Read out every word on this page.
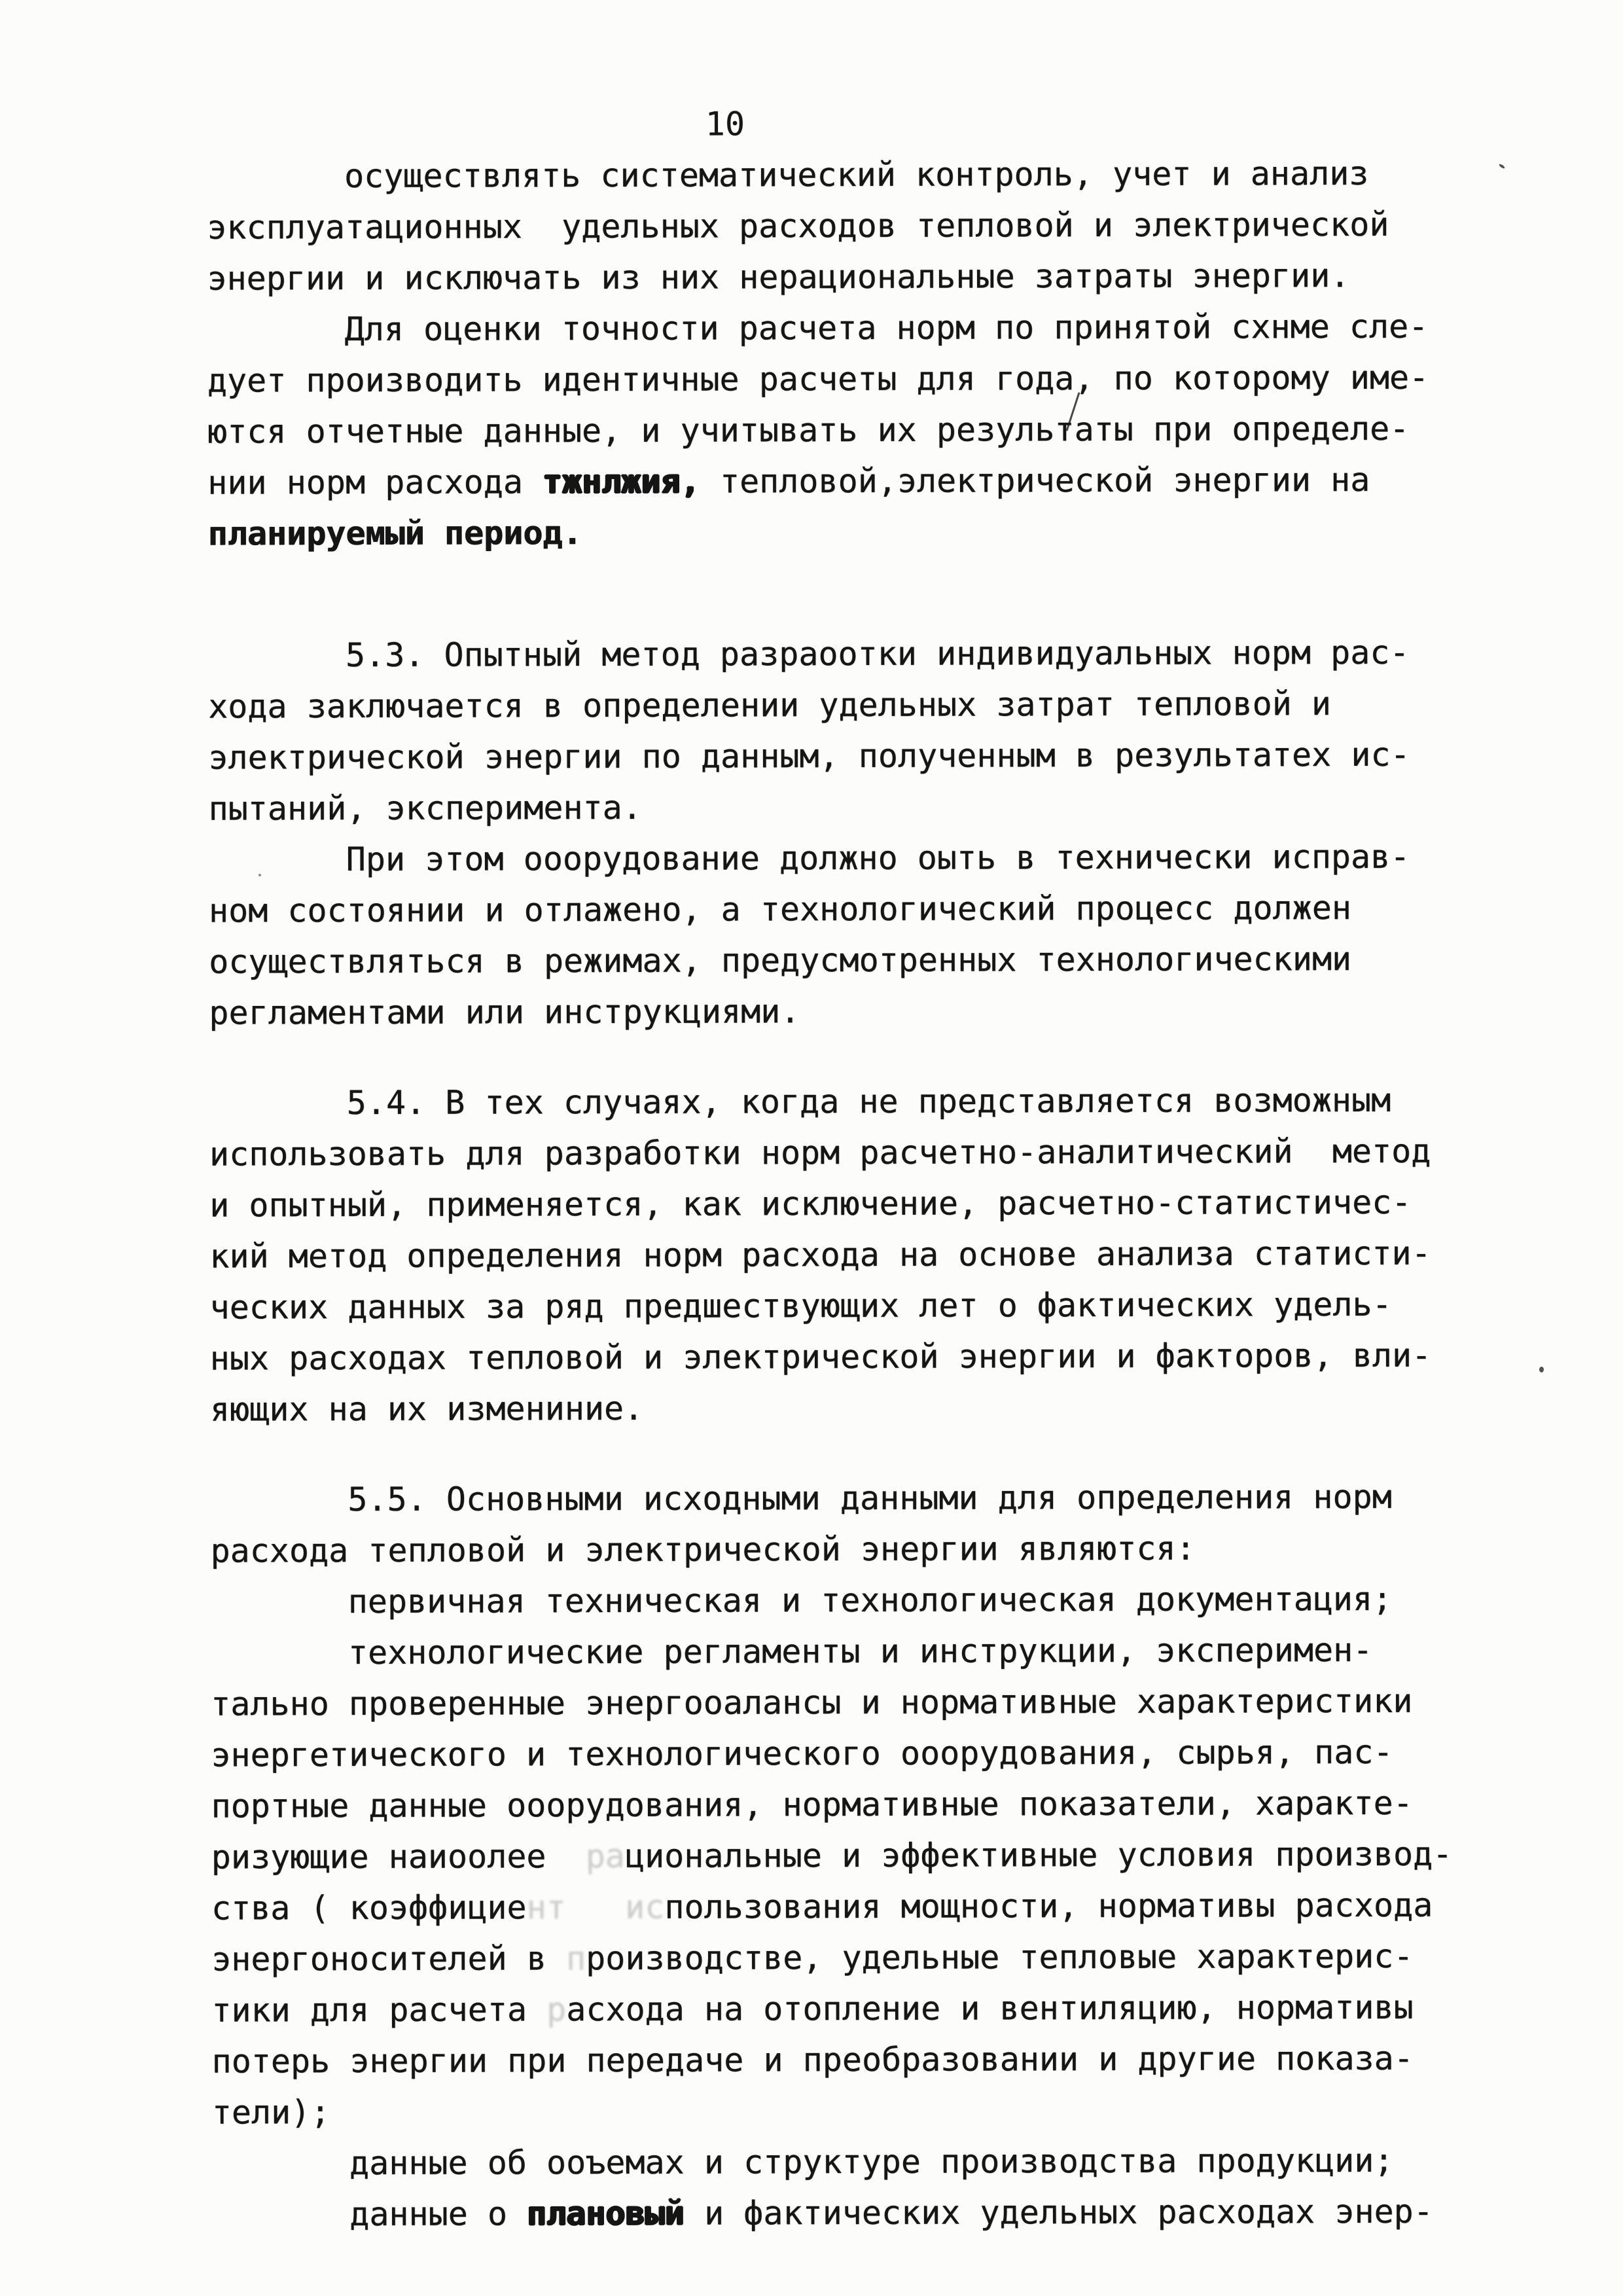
10
осуществлять систематический контроль, учет и анализ
эксплуатационных  удельных расходов тепловой и электрической
энергии и исключать из них нерациональные затраты энергии.
Для оценки точности расчета норм по принятой схнме сле-
дует производить идентичные расчеты для года, по которому име-
ются отчетные данные, и учитывать их результаты при определе-
нии норм расхода тжнлжия, тепловой,электрической энергии на
планируемый период.
5.3. Опытный метод разраоотки индивидуальных норм рас-
хода заключается в определении удельных затрат тепловой и
электрической энергии по данным, полученным в результатех ис-
пытаний, эксперимента.
При этом ооорудование должно оыть в технически исправ-
ном состоянии и отлажено, а технологический процесс должен
осуществляться в режимах, предусмотренных технологическими
регламентами или инструкциями.
5.4. В тех случаях, когда не представляется возможным
использовать для разработки норм расчетно-аналитический  метод
и опытный, применяется, как исключение, расчетно-статистичес-
кий метод определения норм расхода на основе анализа статисти-
ческих данных за ряд предшествующих лет о фактических удель-
ных расходах тепловой и электрической энергии и факторов, вли-
яющих на их измениние.
5.5. Основными исходными данными для определения норм
расхода тепловой и электрической энергии являются:
первичная техническая и технологическая документация;
технологические регламенты и инструкции, эксперимен-
тально проверенные энергооалансы и нормативные характеристики
энергетического и технологического ооорудования, сырья, пас-
портные данные ооорудования, нормативные показатели, характе-
ризующие наиоолее  рациональные и эффективные условия производ-
ства ( коэффициент   использования мощности, нормативы расхода
энергоносителей в производстве, удельные тепловые характерис-
тики для расчета расхода на отопление и вентиляцию, нормативы
потерь энергии при передаче и преобразовании и другие показа-
тели);
данные об ооъемах и структуре производства продукции;
данные о плановый и фактических удельных расходах энер-
